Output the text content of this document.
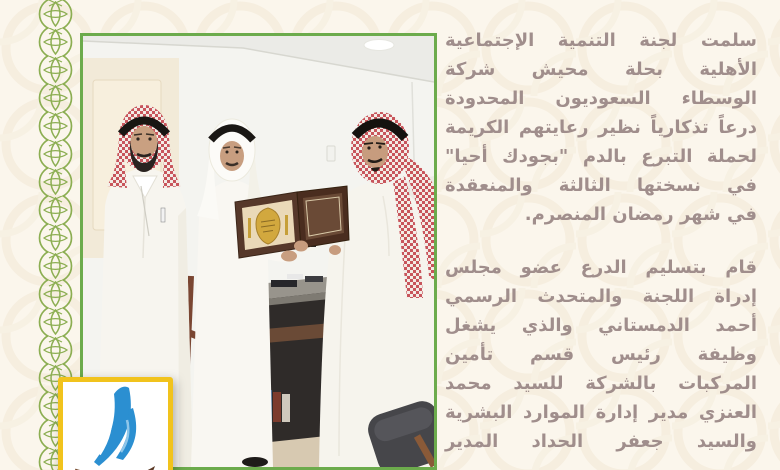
سلمت لجنة التنمية الإجتماعية
الأهلية بحلة محيش شركة
الوسطاء السعوديون المحدودة
درعاً تذكارياً نظير رعايتهم الكريمة
لحملة التبرع بالدم "بجودك أحيا"
في نسختها الثالثة والمنعقدة
في شهر رمضان المنصرم.
قام بتسليم الدرع عضو مجلس
إدراة اللجنة والمتحدث الرسمي
أحمد الدمستاني والذي يشغل
وظيفة رئيس قسم تأمين
المركبات بالشركة للسيد محمد
العنزي مدير إدارة الموارد البشرية
والسيد جعفر الحداد المدير
